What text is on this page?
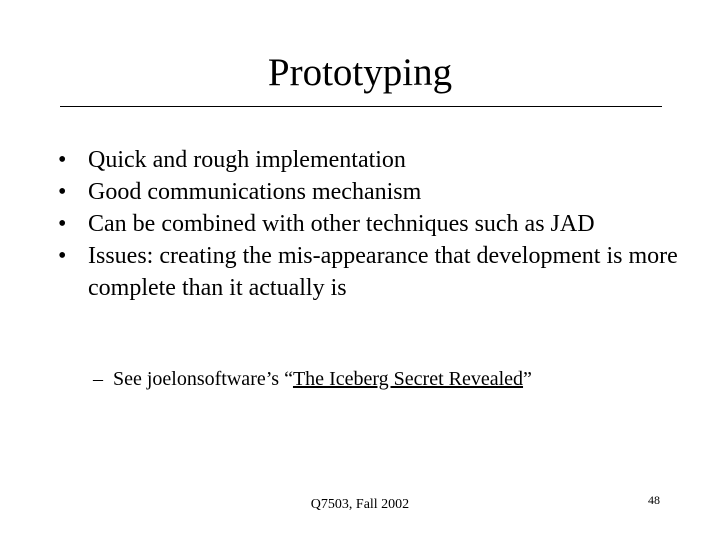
Prototyping
• Quick and rough implementation
• Good communications mechanism
• Can be combined with other techniques such as JAD
• Issues: creating the mis-appearance that development is more complete than it actually is
– See joelonsoftware’s “The Iceberg Secret Revealed”
Q7503, Fall 2002	48
